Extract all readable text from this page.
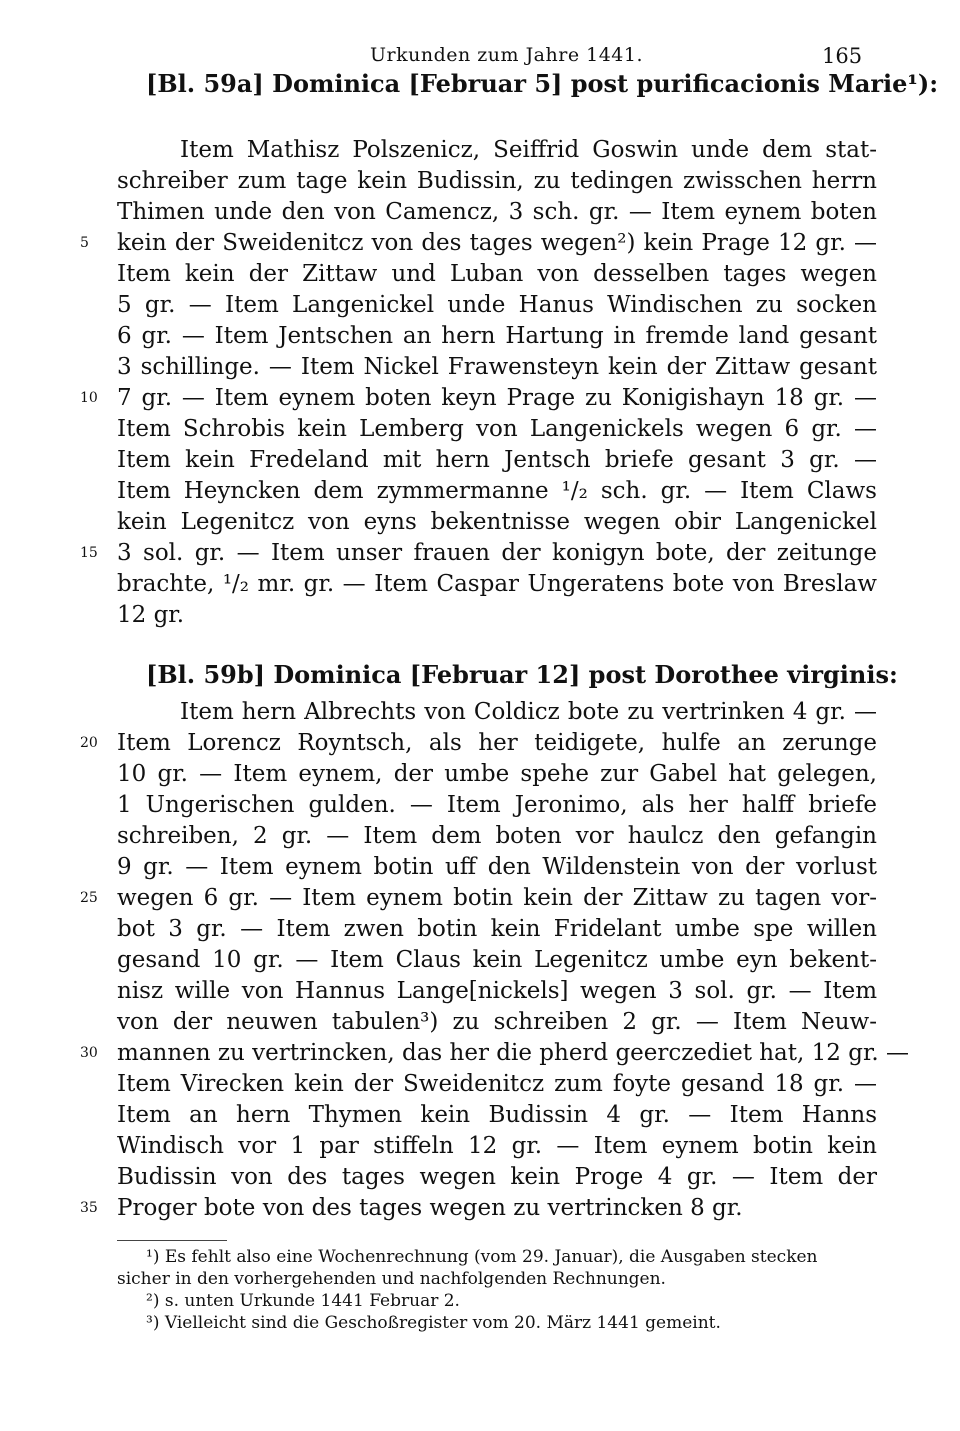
Urkunden zum Jahre 1441.	165
[Bl. 59a] Dominica [Februar 5] post purificacionis Marie¹):
Item Mathisz Polszenicz, Seiffrid Goswin unde dem stat-
schreiber zum tage kein Budissin, zu tedingen zwisschen herrn
Thimen unde den von Camencz, 3 sch. gr. — Item eynem boten
kein der Sweidenitcz von des tages wegen²) kein Prage 12 gr. —
Item kein der Zittaw und Luban von desselben tages wegen
5 gr. — Item Langenickel unde Hanus Windischen zu socken
6 gr. — Item Jentschen an hern Hartung in fremde land gesant
3 schillinge. — Item Nickel Frawensteyn kein der Zittaw gesant
7 gr. — Item eynem boten keyn Prage zu Konigishayn 18 gr. —
Item Schrobis kein Lemberg von Langenickels wegen 6 gr. —
Item kein Fredeland mit hern Jentsch briefe gesant 3 gr. —
Item Heyncken dem zymmermanne ¹/₂ sch. gr. — Item Claws
kein Legenitcz von eyns bekentnisse wegen obir Langenickel
3 sol. gr. — Item unser frauen der konigyn bote, der zeitunge
brachte, ¹/₂ mr. gr. — Item Caspar Ungeratens bote von Breslaw
12 gr.
[Bl. 59b] Dominica [Februar 12] post Dorothee virginis:
Item hern Albrechts von Coldicz bote zu vertrinken 4 gr. —
Item Lorencz Royntsch, als her teidigete, hulfe an zerunge
10 gr. — Item eynem, der umbe spehe zur Gabel hat gelegen,
1 Ungerischen gulden. — Item Jeronimo, als her halff briefe
schreiben, 2 gr. — Item dem boten vor haulcz den gefangin
9 gr. — Item eynem botin uff den Wildenstein von der vorlust
wegen 6 gr. — Item eynem botin kein der Zittaw zu tagen vor-
bot 3 gr. — Item zwen botin kein Fridelant umbe spe willen
gesand 10 gr. — Item Claus kein Legenitcz umbe eyn bekent-
nisz wille von Hannus Lange[nickels] wegen 3 sol. gr. — Item
von der neuwen tabulen³) zu schreiben 2 gr. — Item Neuw-
mannen zu vertrincken, das her die pherd geerczediet hat, 12 gr. —
Item Virecken kein der Sweidenitcz zum foyte gesand 18 gr. —
Item an hern Thymen kein Budissin 4 gr. — Item Hanns
Windisch vor 1 par stiffeln 12 gr. — Item eynem botin kein
Budissin von des tages wegen kein Proge 4 gr. — Item der
Proger bote von des tages wegen zu vertrincken 8 gr.
5
10
15
20
25
30
35
¹) Es fehlt also eine Wochenrechnung (vom 29. Januar), die Ausgaben stecken
sicher in den vorhergehenden und nachfolgenden Rechnungen.
²) s. unten Urkunde 1441 Februar 2.
³) Vielleicht sind die Geschoßregister vom 20. März 1441 gemeint.
